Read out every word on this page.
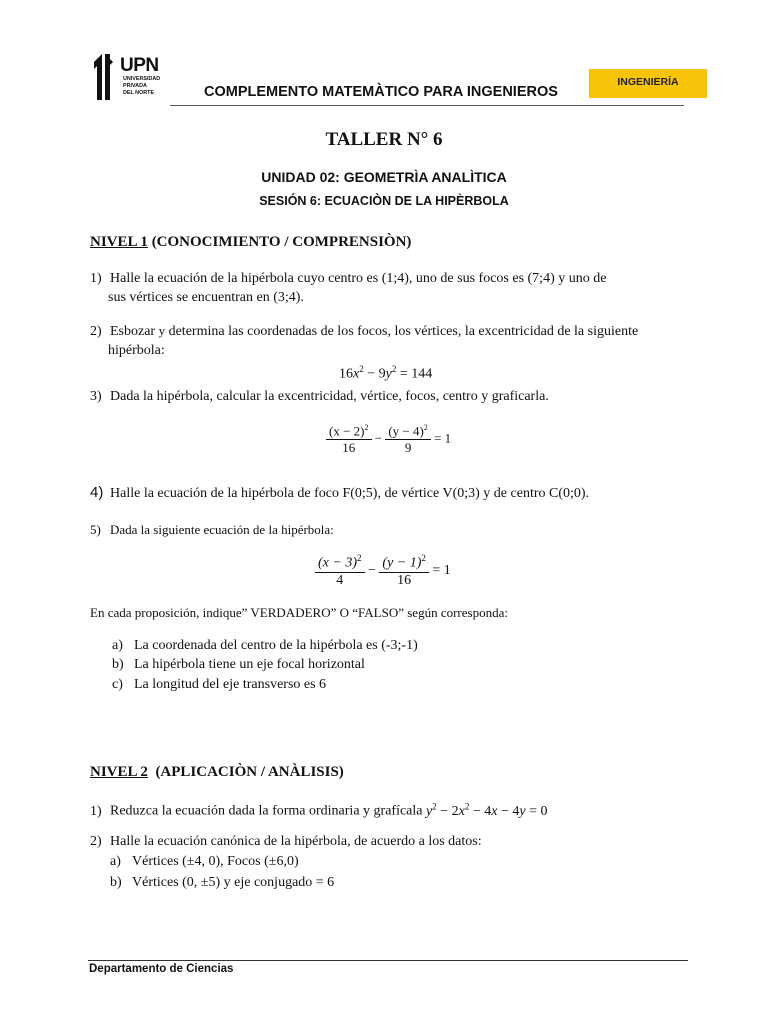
UPN
UNIVERSIDAD
PRIVADA
DEL NORTE
INGENIERÍA
COMPLEMENTO MATEMÀTICO PARA INGENIEROS
TALLER N° 6
UNIDAD 02: GEOMETRÌA ANALÌTICA
SESIÓN 6: ECUACIÒN DE LA HIPÈRBOLA
NIVEL 1 (CONOCIMIENTO / COMPRENSIÒN)
1) Halle la ecuación de la hipérbola cuyo centro es (1;4), uno de sus focos es (7;4) y uno de
sus vértices se encuentran en (3;4).
2) Esbozar y determina las coordenadas de los focos, los vértices, la excentricidad de la siguiente
hipérbola:
$16x^2 - 9y^2 = 144$
3) Dada la hipérbola, calcular la excentricidad, vértice, focos, centro y graficarla.
$\frac{(x - 2)^2}{16} - \frac{(y - 4)^2}{9} = 1$
4) Halle la ecuación de la hipérbola de foco F(0;5), de vértice V(0;3) y de centro C(0;0).
5) Dada la siguiente ecuación de la hipérbola:
$\frac{(x - 3)^2}{4} - \frac{(y - 1)^2}{16} = 1$
En cada proposición, indique” VERDADERO” O “FALSO” según corresponda:
a) La coordenada del centro de la hipérbola es (-3;-1)
b) La hipérbola tiene un eje focal horizontal
c) La longitud del eje transverso es 6
NIVEL 2  (APLICACIÒN / ANÀLISIS)
1) Reduzca la ecuación dada la forma ordinaria y grafícala $y^2 - 2x^2 - 4x - 4y = 0$
2) Halle la ecuación canónica de la hipérbola, de acuerdo a los datos:
a) Vértices (±4, 0), Focos (±6,0)
b) Vértices (0, ±5) y eje conjugado = 6
Departamento de Ciencias
